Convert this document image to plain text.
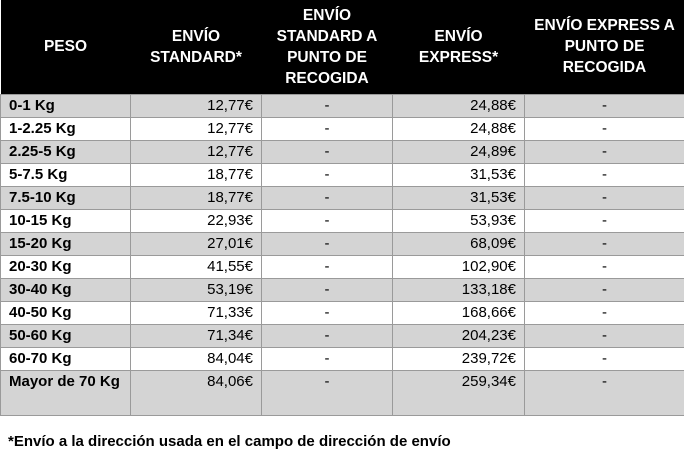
PESO	ENVÍO STANDARD*	ENVÍO STANDARD A PUNTO DE RECOGIDA	ENVÍO EXPRESS*	ENVÍO EXPRESS A PUNTO DE RECOGIDA
0-1 Kg	12,77€	-	24,88€	-
1-2.25 Kg	12,77€	-	24,88€	-
2.25-5 Kg	12,77€	-	24,89€	-
5-7.5 Kg	18,77€	-	31,53€	-
7.5-10 Kg	18,77€	-	31,53€	-
10-15 Kg	22,93€	-	53,93€	-
15-20 Kg	27,01€	-	68,09€	-
20-30 Kg	41,55€	-	102,90€	-
30-40 Kg	53,19€	-	133,18€	-
40-50 Kg	71,33€	-	168,66€	-
50-60 Kg	71,34€	-	204,23€	-
60-70 Kg	84,04€	-	239,72€	-
Mayor de 70 Kg	84,06€	-	259,34€	-
*Envío a la dirección usada en el campo de dirección de envío
